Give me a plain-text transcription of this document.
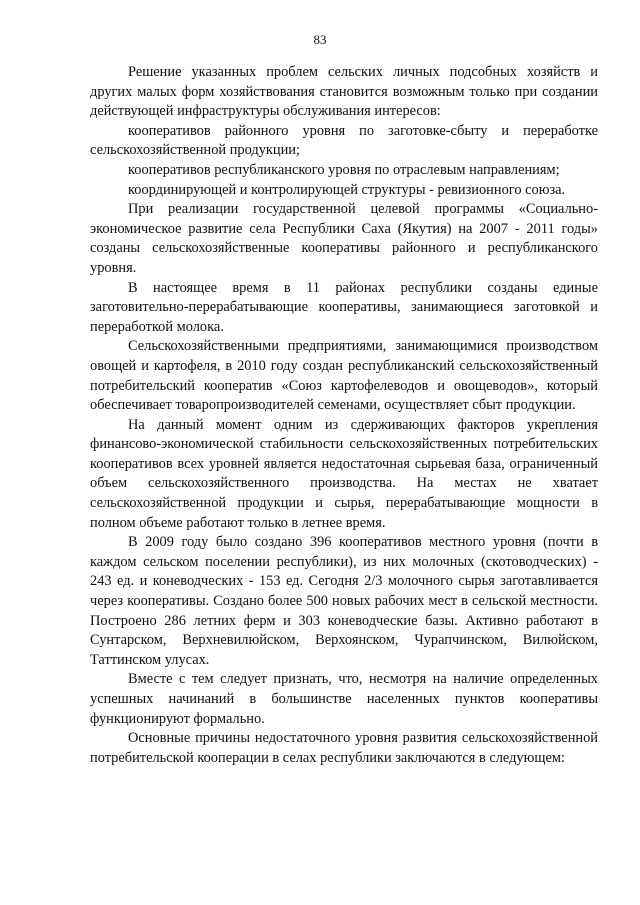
83

Решение указанных проблем сельских личных подсобных хозяйств и других малых форм хозяйствования становится возможным только при создании действующей инфраструктуры обслуживания интересов:

кооперативов районного уровня по заготовке-сбыту и переработке сельскохозяйственной продукции;

кооперативов республиканского уровня по отраслевым направлениям;

координирующей и контролирующей структуры - ревизионного союза.

При реализации государственной целевой программы «Социально-экономическое развитие села Республики Саха (Якутия) на 2007 - 2011 годы» созданы сельскохозяйственные кооперативы районного и республиканского уровня.

В настоящее время в 11 районах республики созданы единые заготовительно-перерабатывающие кооперативы, занимающиеся заготовкой и переработкой молока.

Сельскохозяйственными предприятиями, занимающимися производством овощей и картофеля, в 2010 году создан республиканский сельскохозяйственный потребительский кооператив «Союз картофелеводов и овощеводов», который обеспечивает товаропроизводителей семенами, осуществляет сбыт продукции.

На данный момент одним из сдерживающих факторов укрепления финансово-экономической стабильности сельскохозяйственных потребительских кооперативов всех уровней является недостаточная сырьевая база, ограниченный объем сельскохозяйственного производства. На местах не хватает сельскохозяйственной продукции и сырья, перерабатывающие мощности в полном объеме работают только в летнее время.

В 2009 году было создано 396 кооперативов местного уровня (почти в каждом сельском поселении республики), из них молочных (скотоводческих) - 243 ед. и коневодческих - 153 ед. Сегодня 2/3 молочного сырья заготавливается через кооперативы. Создано более 500 новых рабочих мест в сельской местности. Построено 286 летних ферм и 303 коневодческие базы. Активно работают в Сунтарском, Верхневилюйском, Верхоянском, Чурапчинском, Вилюйском, Таттинском улусах.

Вместе с тем следует признать, что, несмотря на наличие определенных успешных начинаний в большинстве населенных пунктов кооперативы функционируют формально.

Основные причины недостаточного уровня развития сельскохозяйственной потребительской кооперации в селах республики заключаются в следующем:
